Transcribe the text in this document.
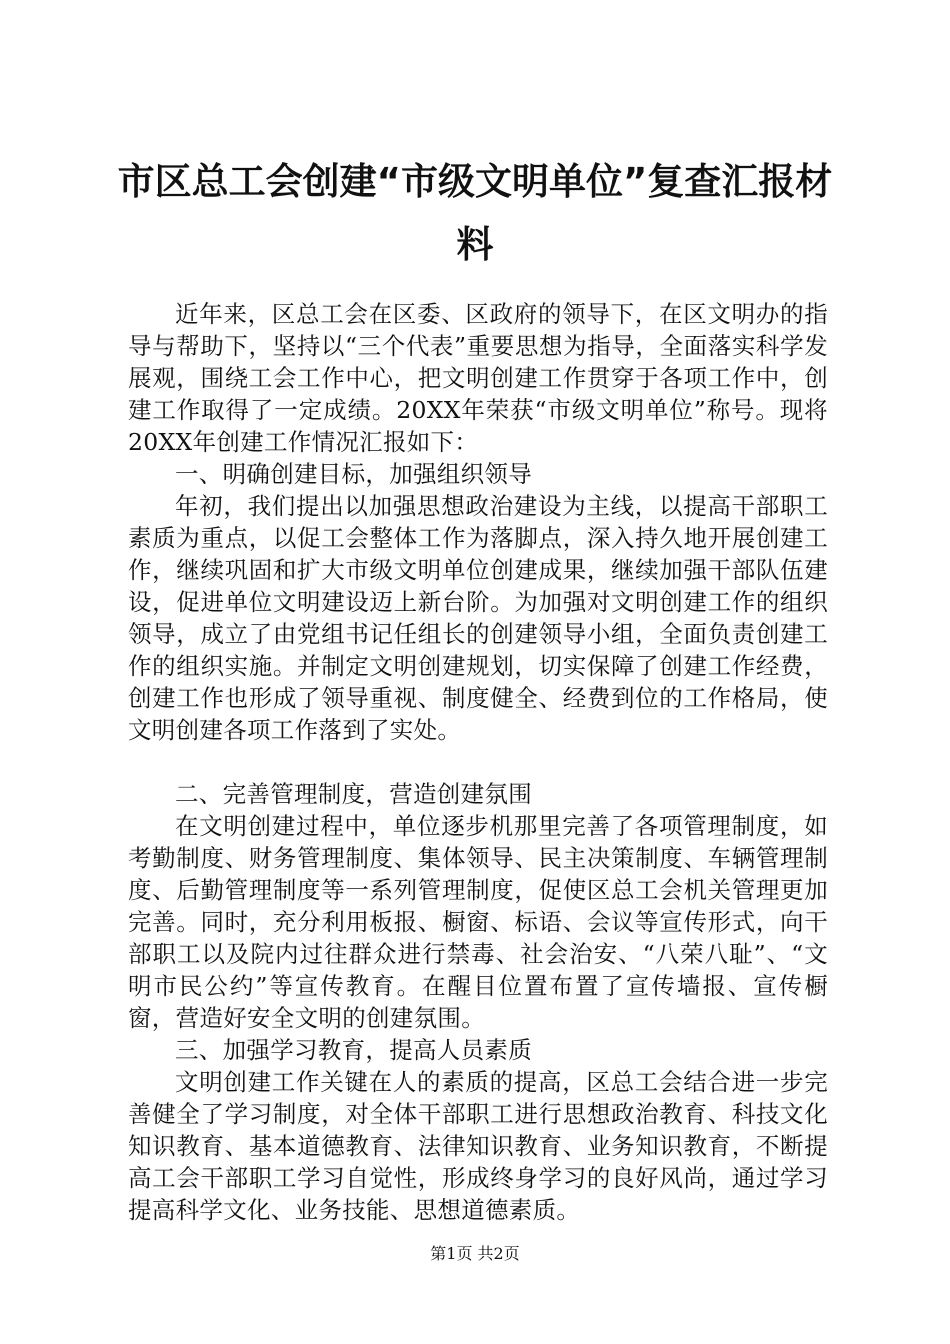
市区总工会创建“市级文明单位”复查汇报材料

近年来，区总工会在区委、区政府的领导下，在区文明办的指导与帮助下，坚持以“三个代表”重要思想为指导，全面落实科学发展观，围绕工会工作中心，把文明创建工作贯穿于各项工作中，创建工作取得了一定成绩。20XX年荣获“市级文明单位”称号。现将20XX年创建工作情况汇报如下：

一、明确创建目标，加强组织领导

年初，我们提出以加强思想政治建设为主线，以提高干部职工素质为重点，以促工会整体工作为落脚点，深入持久地开展创建工作，继续巩固和扩大市级文明单位创建成果，继续加强干部队伍建设，促进单位文明建设迈上新台阶。为加强对文明创建工作的组织领导，成立了由党组书记任组长的创建领导小组，全面负责创建工作的组织实施。并制定文明创建规划，切实保障了创建工作经费，创建工作也形成了领导重视、制度健全、经费到位的工作格局，使文明创建各项工作落到了实处。

二、完善管理制度，营造创建氛围

在文明创建过程中，单位逐步机那里完善了各项管理制度，如考勤制度、财务管理制度、集体领导、民主决策制度、车辆管理制度、后勤管理制度等一系列管理制度，促使区总工会机关管理更加完善。同时，充分利用板报、橱窗、标语、会议等宣传形式，向干部职工以及院内过往群众进行禁毒、社会治安、“八荣八耻”、“文明市民公约”等宣传教育。在醒目位置布置了宣传墙报、宣传橱窗，营造好安全文明的创建氛围。

三、加强学习教育，提高人员素质

文明创建工作关键在人的素质的提高，区总工会结合进一步完善健全了学习制度，对全体干部职工进行思想政治教育、科技文化知识教育、基本道德教育、法律知识教育、业务知识教育，不断提高工会干部职工学习自觉性，形成终身学习的良好风尚，通过学习提高科学文化、业务技能、思想道德素质。

第1页 共2页
